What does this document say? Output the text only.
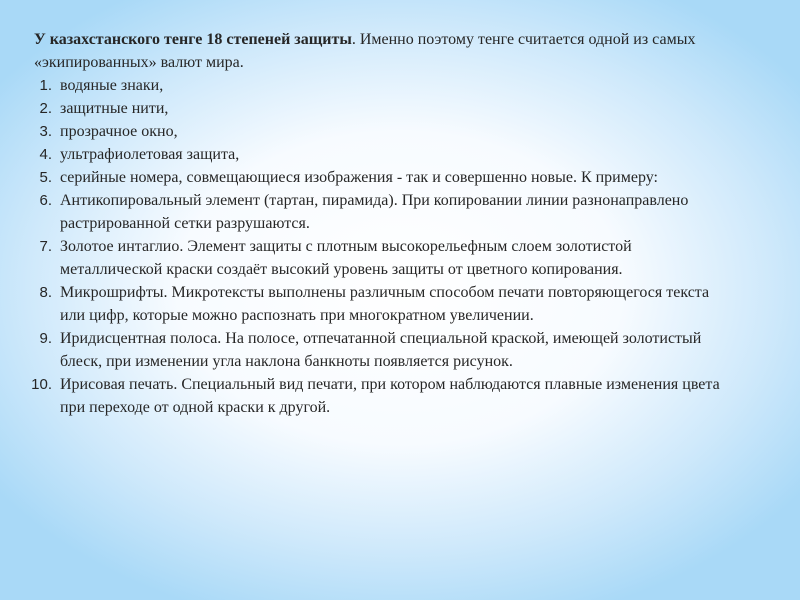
У казахстанского тенге 18 степеней защиты. Именно поэтому тенге считается одной из самых «экипированных» валют мира.

1. водяные знаки,
2. защитные нити,
3. прозрачное окно,
4. ультрафиолетовая защита,
5. серийные номера, совмещающиеся изображения - так и совершенно новые. К примеру:
6. Антикопировальный элемент (тартан, пирамида). При копировании линии разнонаправлено растрированной сетки разрушаются.
7. Золотое интаглио. Элемент защиты с плотным высокорельефным слоем золотистой металлической краски создаёт высокий уровень защиты от цветного копирования.
8. Микрошрифты. Микротексты выполнены различным способом печати повторяющегося текста или цифр, которые можно распознать при многократном увеличении.
9. Иридисцентная полоса. На полосе, отпечатанной специальной краской, имеющей золотистый блеск, при изменении угла наклона банкноты появляется рисунок.
10. Ирисовая печать. Специальный вид печати, при котором наблюдаются плавные изменения цвета при переходе от одной краски к другой.
